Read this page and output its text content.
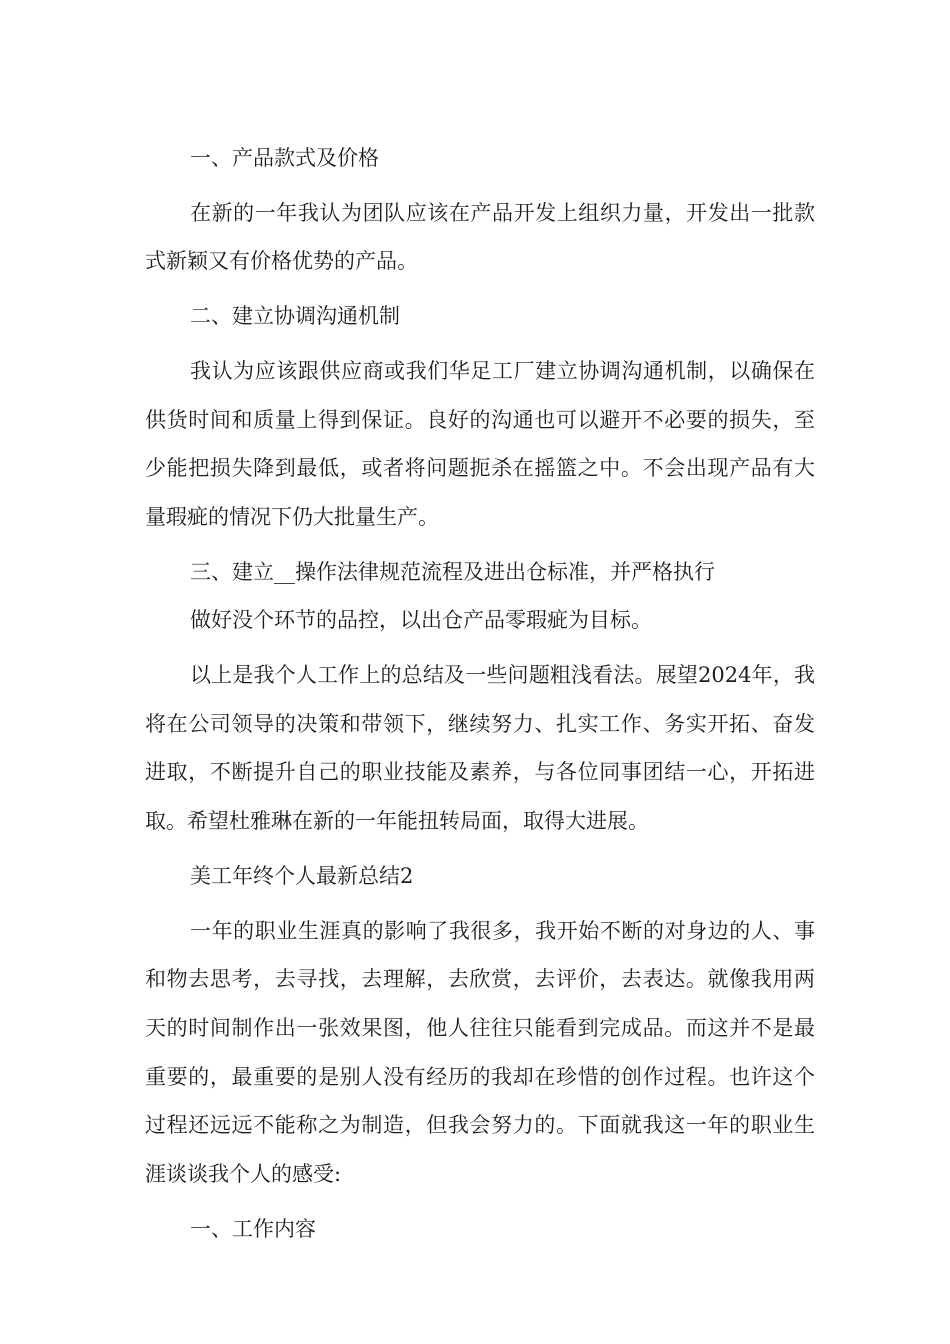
一、产品款式及价格

在新的一年我认为团队应该在产品开发上组织力量，开发出一批款式新颖又有价格优势的产品。

二、建立协调沟通机制

我认为应该跟供应商或我们华足工厂建立协调沟通机制，以确保在供货时间和质量上得到保证。良好的沟通也可以避开不必要的损失，至少能把损失降到最低，或者将问题扼杀在摇篮之中。不会出现产品有大量瑕疵的情况下仍大批量生产。

三、建立__操作法律规范流程及进出仓标准，并严格执行

做好没个环节的品控，以出仓产品零瑕疵为目标。

以上是我个人工作上的总结及一些问题粗浅看法。展望2024年，我将在公司领导的决策和带领下，继续努力、扎实工作、务实开拓、奋发进取，不断提升自己的职业技能及素养，与各位同事团结一心，开拓进取。希望杜雅琳在新的一年能扭转局面，取得大进展。

美工年终个人最新总结2

一年的职业生涯真的影响了我很多，我开始不断的对身边的人、事和物去思考，去寻找，去理解，去欣赏，去评价，去表达。就像我用两天的时间制作出一张效果图，他人往往只能看到完成品。而这并不是最重要的，最重要的是别人没有经历的我却在珍惜的创作过程。也许这个过程还远远不能称之为制造，但我会努力的。下面就我这一年的职业生涯谈谈我个人的感受:

一、工作内容
